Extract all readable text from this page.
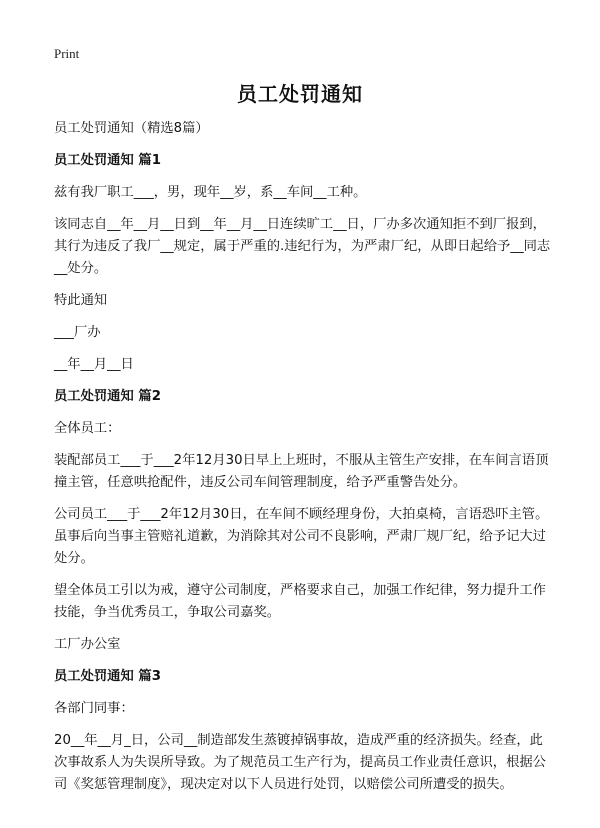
Print
员工处罚通知

员工处罚通知（精选8篇）

员工处罚通知 篇1

兹有我厂职工___，男，现年__岁，系__车间__工种。

该同志自__年__月__日到__年__月__日连续旷工__日，厂办多次通知拒不到厂报到，其行为违反了我厂__规定，属于严重的.违纪行为，为严肃厂纪，从即日起给予__同志__处分。

特此通知

___厂办

__年__月__日

员工处罚通知 篇2

全体员工：

装配部员工___于___2年12月30日早上上班时，不服从主管生产安排，在车间言语顶撞主管，任意哄抢配件，违反公司车间管理制度，给予严重警告处分。

公司员工___于___2年12月30日，在车间不顾经理身份，大拍桌椅，言语恐吓主管。虽事后向当事主管赔礼道歉，为消除其对公司不良影响，严肃厂规厂纪，给予记大过处分。

望全体员工引以为戒，遵守公司制度，严格要求自己，加强工作纪律，努力提升工作技能，争当优秀员工，争取公司嘉奖。

工厂办公室

员工处罚通知 篇3

各部门同事：

20__年__月_日，公司__制造部发生蒸镀掉锅事故，造成严重的经济损失。经查，此次事故系人为失误所导致。为了规范员工生产行为，提高员工作业责任意识，根据公司《奖惩管理制度》，现决定对以下人员进行处罚，以赔偿公司所遭受的损失。
